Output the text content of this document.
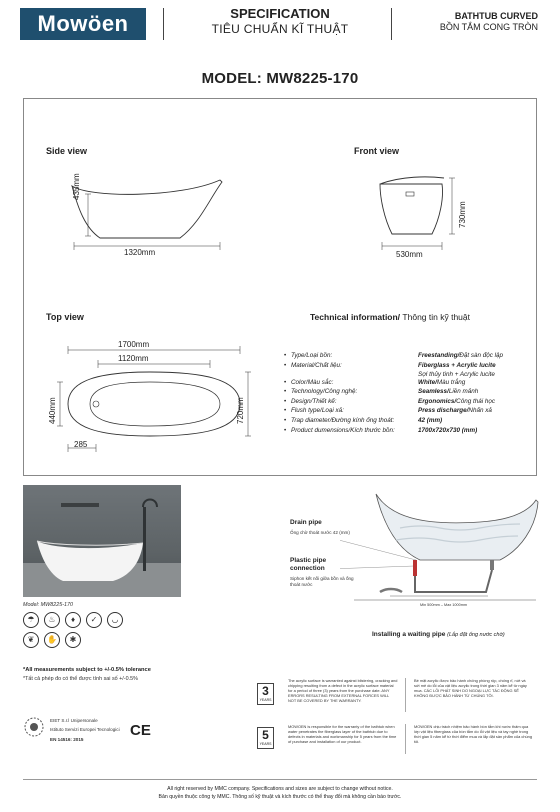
Mowöen	SPECIFICATION
TIÊU CHUẨN KĨ THUẬT
BATHTUB CURVED
BỒN TẮM CONG TRÒN
MODEL: MW8225-170
Side view
435mm
1320mm
Front view
730mm
530mm
Top view
1700mm
1120mm
440mm	720mm
285
Technical information/ Thông tin kỹ thuật
• Type/Loại bồn:	Freestanding/Đặt sàn độc lập
• Material/Chất liệu:	Fiberglass + Acrylic lucite
Sợi thủy tinh + Acrylic lucite
• Color/Màu sắc:	White/Màu trắng
• Technology/Công nghệ:	Seamless/Liền mảnh
• Design/Thiết kế:	Ergonomics/Công thái học
• Flush type/Loại xả:	Press discharge/Nhấn xả
• Trap diameter/Đường kính ống thoát:	42 (mm)
• Product dumensions/Kích thước bồn:	1700x720x730 (mm)
Model: MW8225-170
☂	♨	♦	✓	◡
❦	✋	✱
Drain pipe
Ống chờ thoát nước 42 (mm)
Plastic pipe connection
Siphon kết nối giữa bồn và ống thoát nước
Min 500mm – Max 1000mm
Installing a waiting pipe (Lắp đặt ống nước chờ)
*All measurements subject to +/-0.5% tolerance
*Tất cả phép đo có thể được tính sai số +/-0.5%
EIET S.r.l Unipersonale
Istituto Servizi Europei Tecnologici
EN 14516: 2015
CE
3
YEARS
The acrylic surface is warranted against blistering, cracking and chipping resulting from a defect in the acrylic surface material for a period of three (3) years from the purchase date. ANY ERRORS RESULTING FROM EXTERNAL FORCES WILL NOT BE COVERED BY THE WARRANTY.
Bề mặt acrylic được bảo hành chống phồng rộp, chống rỉ, nứt và sứt mẻ do lỗi của vật liệu acrylic trong thời gian 3 năm kể từ ngày mua. CÁC LỖI PHÁT SINH DO NGOẠI LỰC TÁC ĐỘNG SẼ KHÔNG ĐƯỢC BẢO HÀNH TỪ CHÚNG TÔI.
5
YEARS
MOWOEN is responsible for the warranty of the bathtub when water penetrates the fiberglass layer of the bathtub due to defects in materials and workmanship for 5 years from the time of purchase and installation of our product.
MOWOEN chịu trách nhiệm bảo hành bồn tắm khi nước thấm qua lớp vật liệu fiberglass của bồn tắm do lỗi vật liệu và tay nghề trong thời gian 5 năm kể từ thời điểm mua và lắp đặt sản phẩm của chúng tôi.
All right reserved by MMC company. Specifications and sizes are subject to change without notice.
Bản quyền thuộc công ty MMC. Thông số kỹ thuật và kích thước có thể thay đổi mà không cần báo trước.
